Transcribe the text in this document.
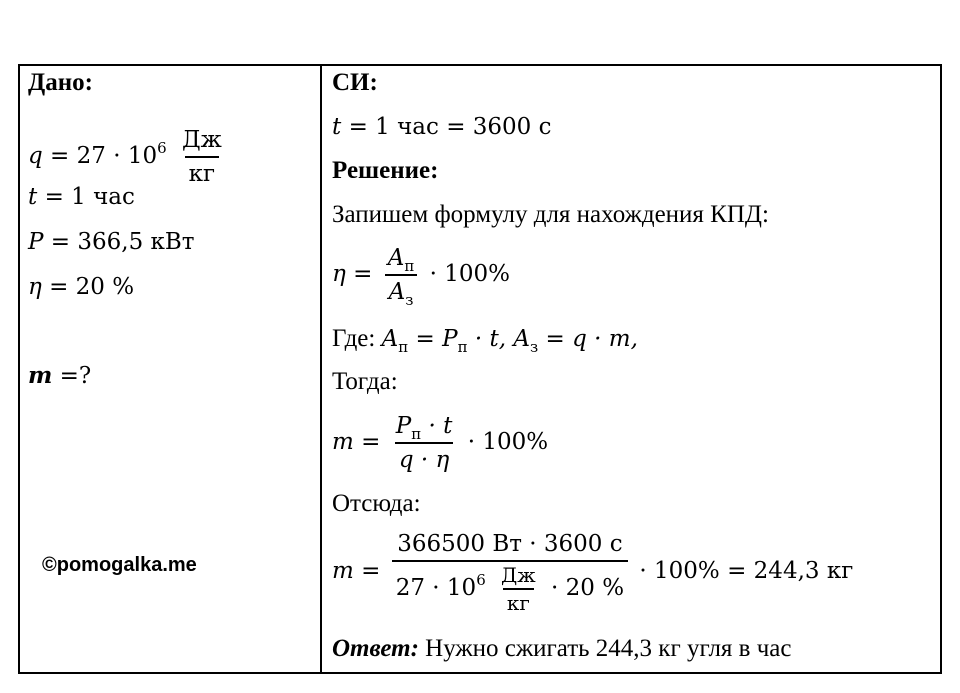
Дано:
$q = 27 \cdot 10^6 \frac{Дж}{кг}$
t = 1 час
P = 366,5 кВт
η = 20 %
m =?
©pomogalka.me
СИ:
t = 1 час = 3600 с
Решение:
Запишем формулу для нахождения КПД:
$\eta = \frac{A_п}{A_з} \cdot 100\%$
Где: $A_п = P_п \cdot t$, $A_з = q \cdot m$,
Тогда:
$m = \frac{P_п \cdot t}{q \cdot \eta} \cdot 100\%$
Отсюда:
m =
366500 Вт · 3600 с
$27 \cdot 10^6 \frac{Дж}{кг} \cdot 20$ %
· 100% = 244,3 кг
Ответ: Нужно сжигать 244,3 кг угля в час
